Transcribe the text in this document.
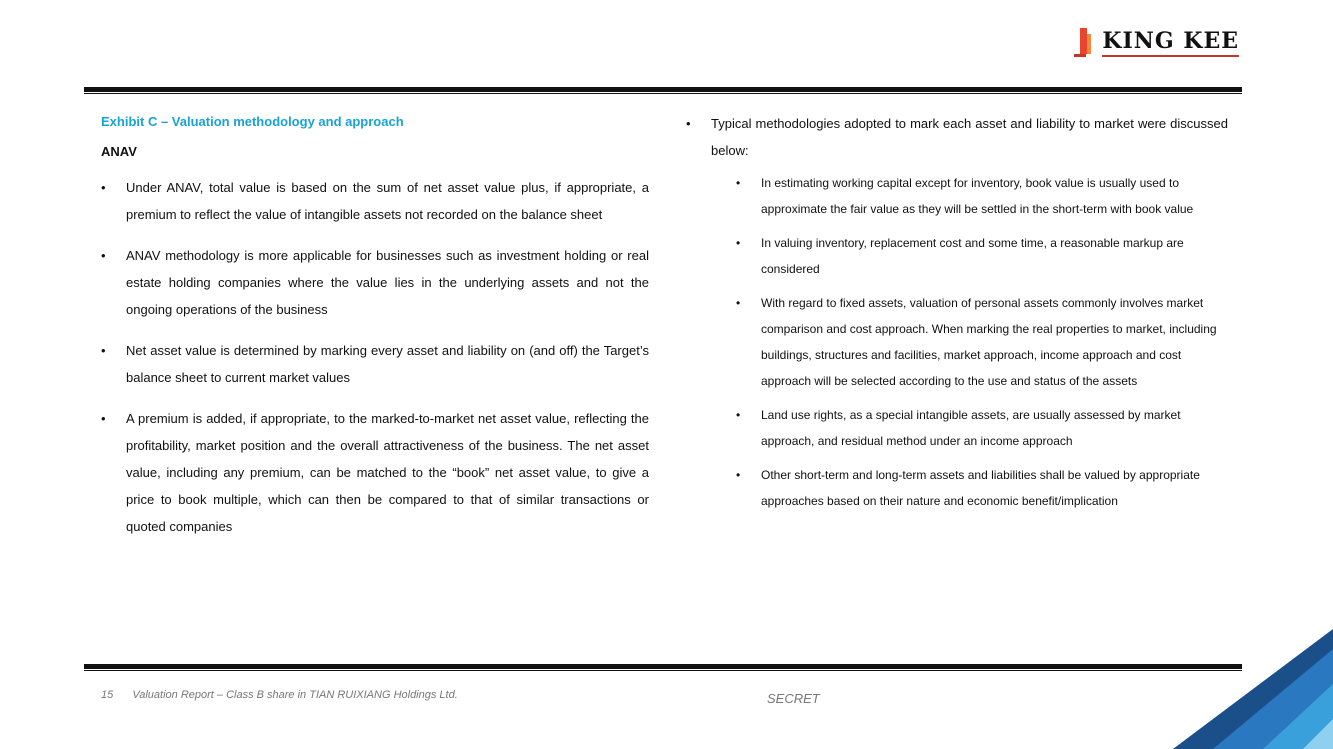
KING KEE

Exhibit C – Valuation methodology and approach

ANAV

• Under ANAV, total value is based on the sum of net asset value plus, if appropriate, a premium to reflect the value of intangible assets not recorded on the balance sheet
• ANAV methodology is more applicable for businesses such as investment holding or real estate holding companies where the value lies in the underlying assets and not the ongoing operations of the business
• Net asset value is determined by marking every asset and liability on (and off) the Target’s balance sheet to current market values
• A premium is added, if appropriate, to the marked-to-market net asset value, reflecting the profitability, market position and the overall attractiveness of the business. The net asset value, including any premium, can be matched to the “book” net asset value, to give a price to book multiple, which can then be compared to that of similar transactions or quoted companies

• Typical methodologies adopted to mark each asset and liability to market were discussed below:

• In estimating working capital except for inventory, book value is usually used to approximate the fair value as they will be settled in the short-term with book value
• In valuing inventory, replacement cost and some time, a reasonable markup are considered
• With regard to fixed assets, valuation of personal assets commonly involves market comparison and cost approach. When marking the real properties to market, including buildings, structures and facilities, market approach, income approach and cost approach will be selected according to the use and status of the assets
• Land use rights, as a special intangible assets, are usually assessed by market approach, and residual method under an income approach
• Other short-term and long-term assets and liabilities shall be valued by appropriate approaches based on their nature and economic benefit/implication
15 Valuation Report – Class B share in TIAN RUIXIANG Holdings Ltd.	SECRET
